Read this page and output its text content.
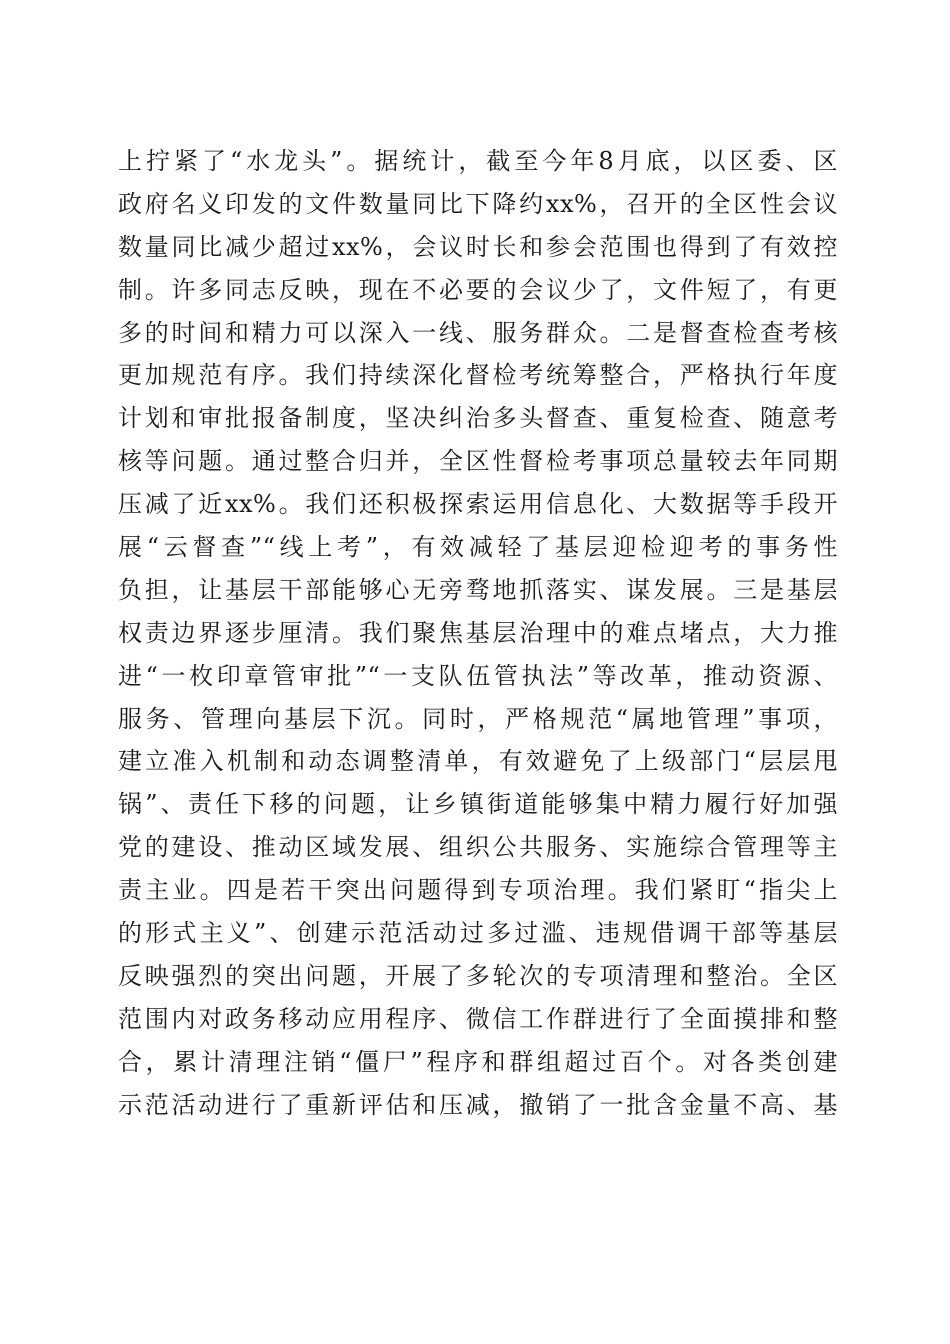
上拧紧了“水龙头”。据统计，截至今年8月底，以区委、区
政府名义印发的文件数量同比下降约xx%，召开的全区性会议
数量同比减少超过xx%，会议时长和参会范围也得到了有效控
制。许多同志反映，现在不必要的会议少了，文件短了，有更
多的时间和精力可以深入一线、服务群众。二是督查检查考核
更加规范有序。我们持续深化督检考统筹整合，严格执行年度
计划和审批报备制度，坚决纠治多头督查、重复检查、随意考
核等问题。通过整合归并，全区性督检考事项总量较去年同期
压减了近xx%。我们还积极探索运用信息化、大数据等手段开
展“云督查”“线上考”，有效减轻了基层迎检迎考的事务性
负担，让基层干部能够心无旁骛地抓落实、谋发展。三是基层
权责边界逐步厘清。我们聚焦基层治理中的难点堵点，大力推
进“一枚印章管审批”“一支队伍管执法”等改革，推动资源、
服务、管理向基层下沉。同时，严格规范“属地管理”事项，
建立准入机制和动态调整清单，有效避免了上级部门“层层甩
锅”、责任下移的问题，让乡镇街道能够集中精力履行好加强
党的建设、推动区域发展、组织公共服务、实施综合管理等主
责主业。四是若干突出问题得到专项治理。我们紧盯“指尖上
的形式主义”、创建示范活动过多过滥、违规借调干部等基层
反映强烈的突出问题，开展了多轮次的专项清理和整治。全区
范围内对政务移动应用程序、微信工作群进行了全面摸排和整
合，累计清理注销“僵尸”程序和群组超过百个。对各类创建
示范活动进行了重新评估和压减，撤销了一批含金量不高、基
